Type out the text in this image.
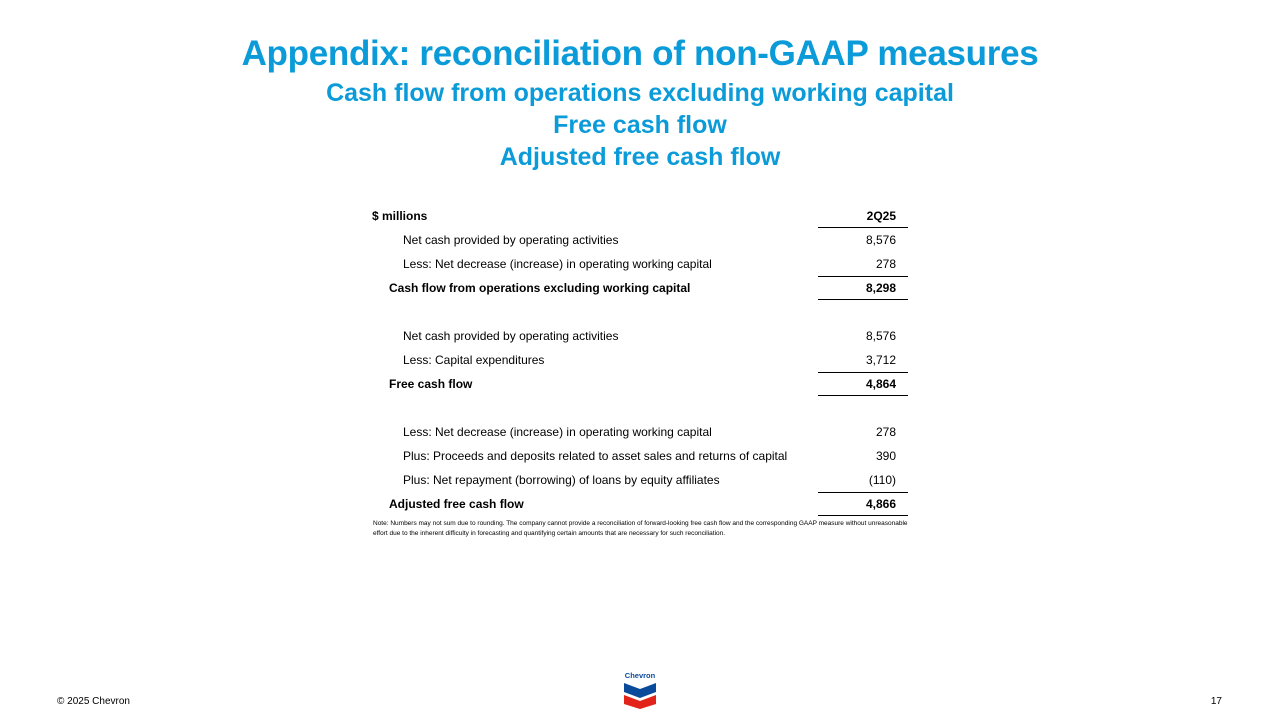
Appendix: reconciliation of non-GAAP measures
Cash flow from operations excluding working capital
Free cash flow
Adjusted free cash flow
$ millions	2Q25
Net cash provided by operating activities	8,576
Less: Net decrease (increase) in operating working capital	278
Cash flow from operations excluding working capital	8,298
Net cash provided by operating activities	8,576
Less: Capital expenditures	3,712
Free cash flow	4,864
Less: Net decrease (increase) in operating working capital	278
Plus: Proceeds and deposits related to asset sales and returns of capital	390
Plus: Net repayment (borrowing) of loans by equity affiliates	(110)
Adjusted free cash flow	4,866
Note: Numbers may not sum due to rounding. The company cannot provide a reconciliation of forward-looking free cash flow and the corresponding GAAP measure without unreasonable effort due to the inherent difficulty in forecasting and quantifying certain amounts that are necessary for such reconciliation.
© 2025 Chevron
Chevron
17
